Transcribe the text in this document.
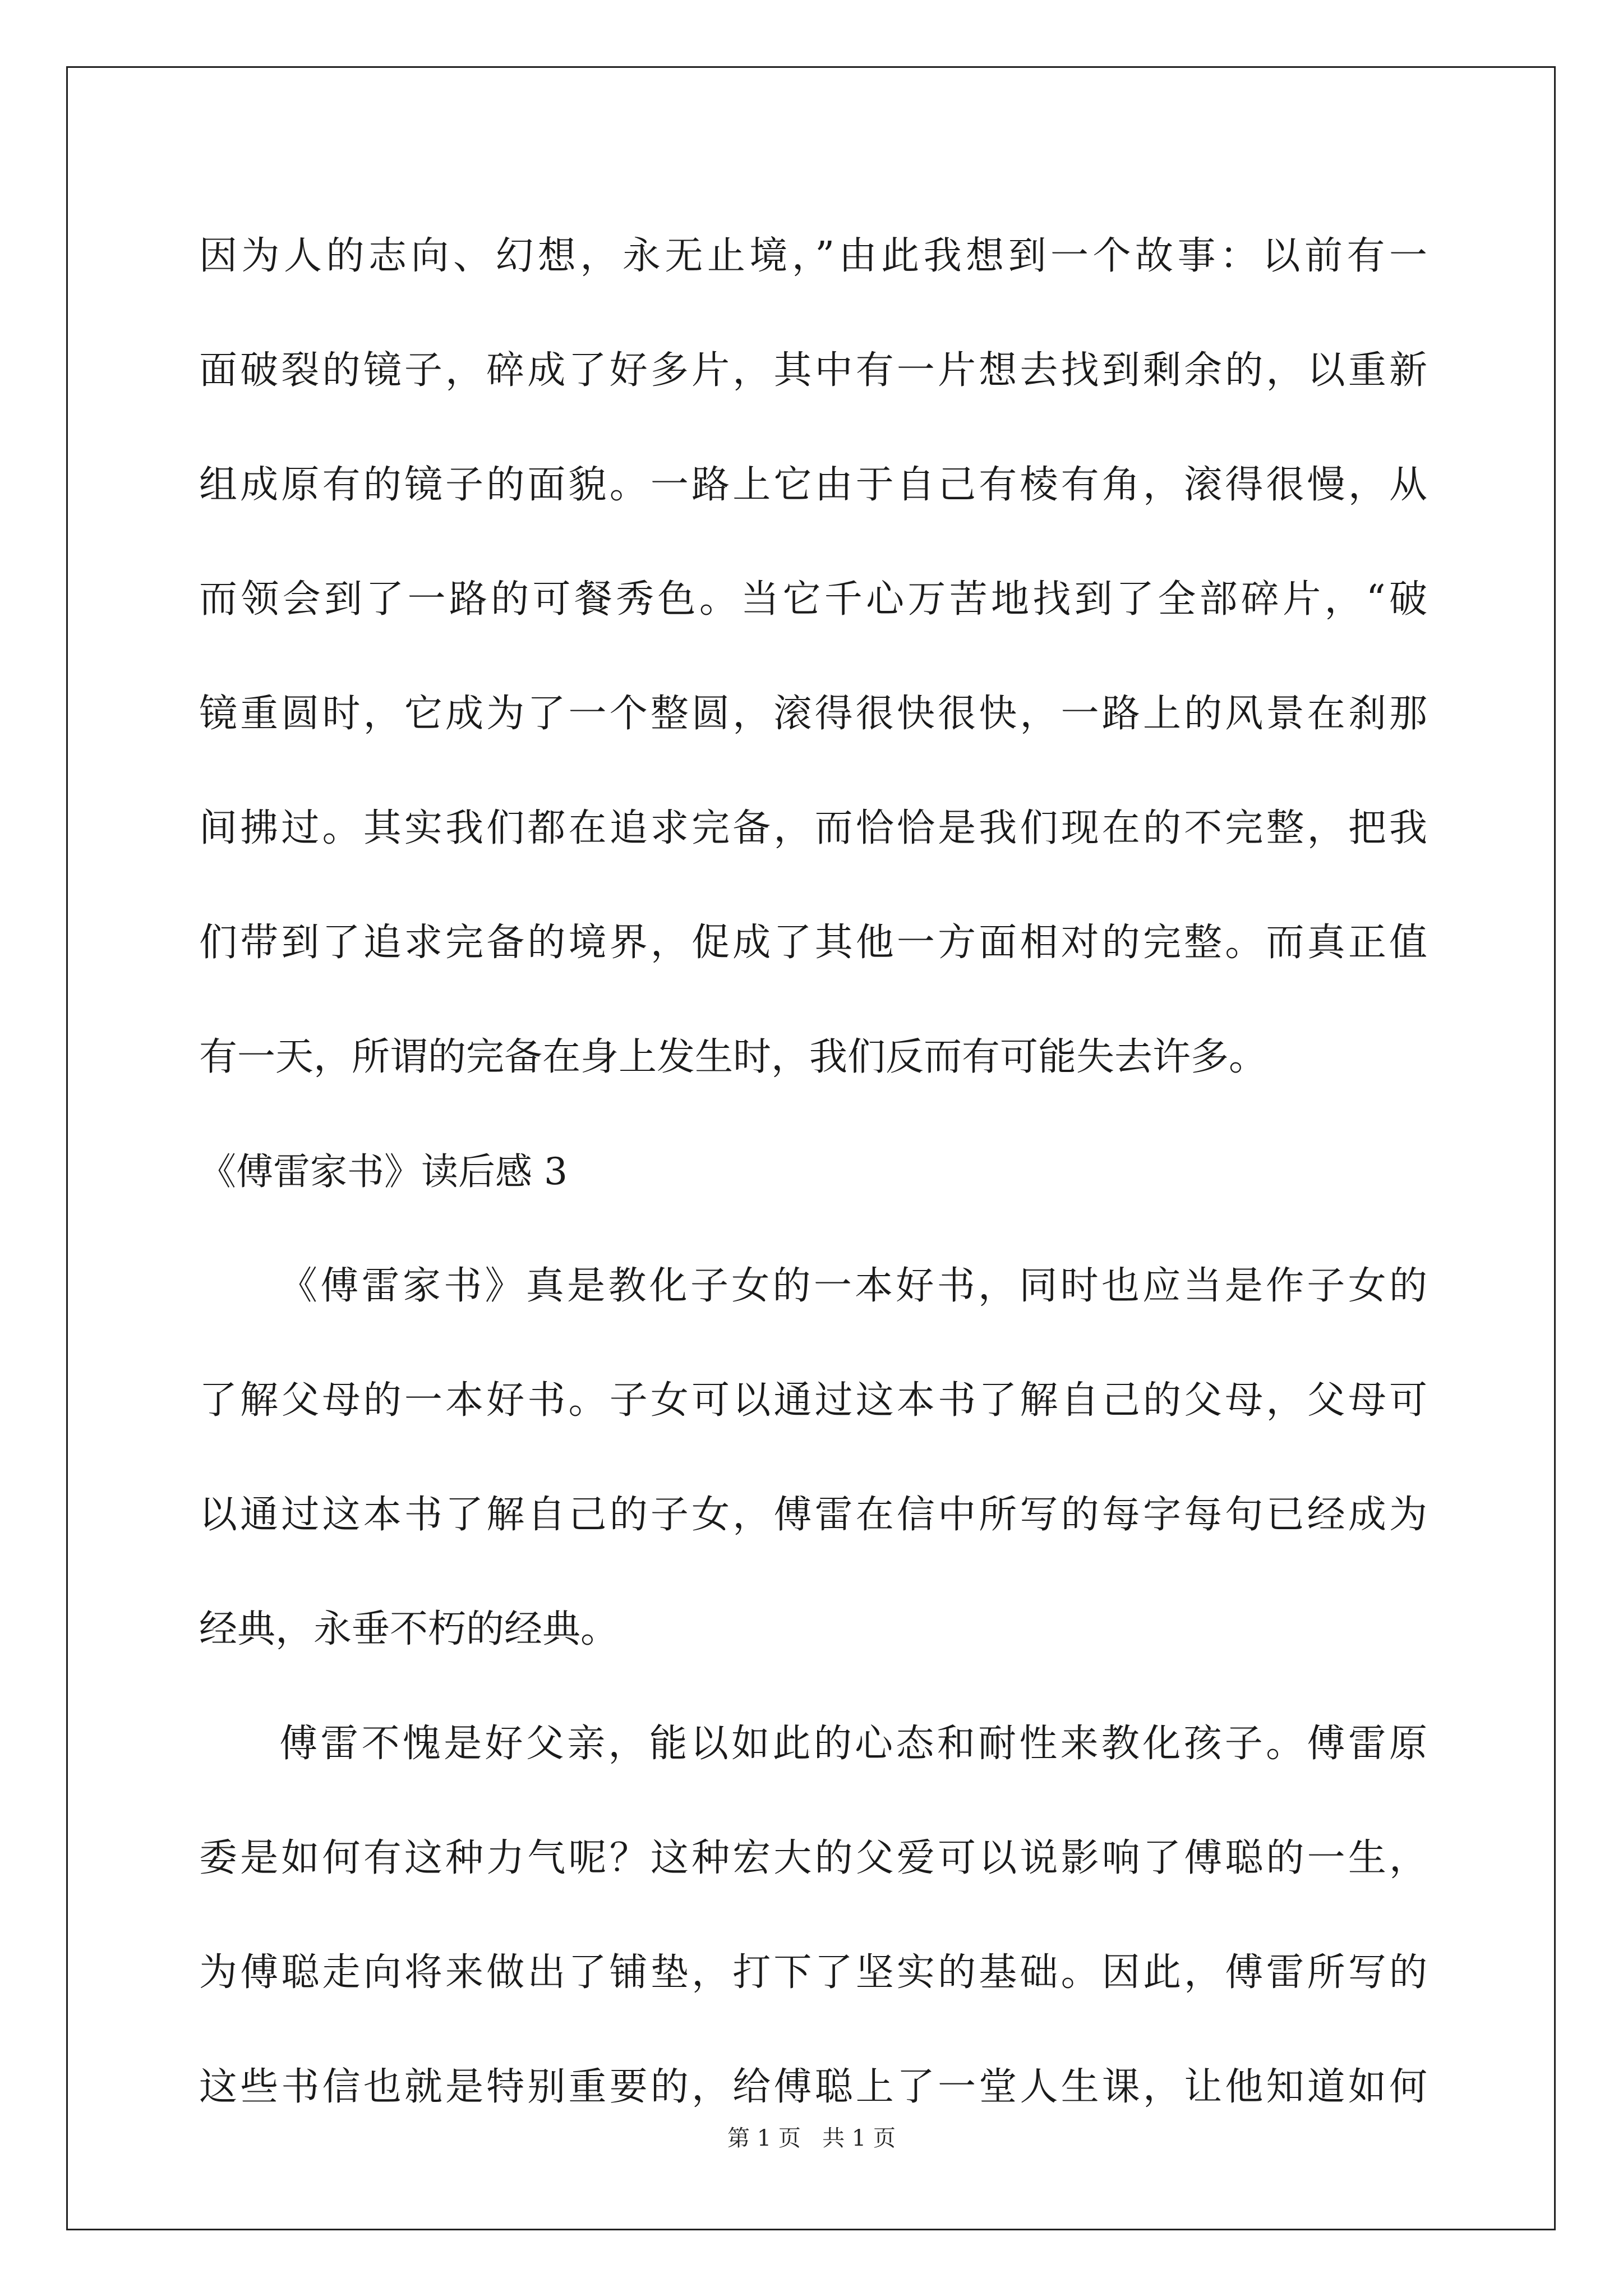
因为人的志向、幻想，永无止境，”由此我想到一个故事：以前有一
面破裂的镜子，碎成了好多片，其中有一片想去找到剩余的，以重新
组成原有的镜子的面貌。一路上它由于自己有棱有角，滚得很慢，从
而领会到了一路的可餐秀色。当它千心万苦地找到了全部碎片，“破
镜重圆时，它成为了一个整圆，滚得很快很快，一路上的风景在刹那
间拂过。其实我们都在追求完备，而恰恰是我们现在的不完整，把我
们带到了追求完备的境界，促成了其他一方面相对的完整。而真正值
有一天，所谓的完备在身上发生时，我们反而有可能失去许多。
《傅雷家书》读后感 3
《傅雷家书》真是教化子女的一本好书，同时也应当是作子女的
了解父母的一本好书。子女可以通过这本书了解自己的父母，父母可
以通过这本书了解自己的子女，傅雷在信中所写的每字每句已经成为
经典，永垂不朽的经典。
傅雷不愧是好父亲，能以如此的心态和耐性来教化孩子。傅雷原
委是如何有这种力气呢？这种宏大的父爱可以说影响了傅聪的一生，
为傅聪走向将来做出了铺垫，打下了坚实的基础。因此，傅雷所写的
这些书信也就是特别重要的，给傅聪上了一堂人生课，让他知道如何
第 1 页 共 1 页
